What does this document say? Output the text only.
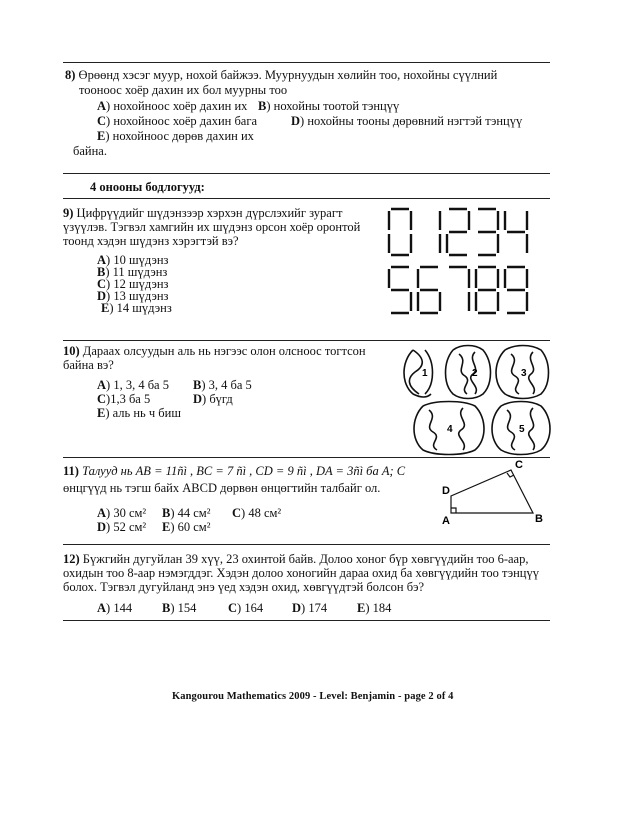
8) Өрөөнд хэсэг муур, нохой байжээ. Муурнуудын хөлийн тоо, нохойны сүүлний
тооноос хоёр дахин их бол муурны тоо
A) нохойноос хоёр дахин их B) нохойны тоотой тэнцүү
C) нохойноос хоёр дахин бага	D) нохойны тооны дөрөвний нэгтэй тэнцүү
E) нохойноос дөрөв дахин их
байна.
4 онооны бодлогууд:
9) Цифрүүдийг шүдэнзээр хэрхэн дүрслэхийг зурагт
үзүүлэв. Тэгвэл хамгийн их шүдэнз орсон хоёр оронтой
тоонд хэдэн шүдэнз хэрэгтэй вэ?
A) 10 шүдэнз
B) 11 шүдэнз
C) 12 шүдэнз
D) 13 шүдэнз
E) 14 шүдэнз
10) Дараах олсуудын аль нь нэгээс олон олсноос тогтсон
байна вэ?
A) 1, 3, 4 ба 5 B) 3, 4 ба 5
C)1,3 ба 5	D) бүгд
E) аль нь ч биш
1	2	3
4	5
11) Талууд нь AB = 11ñì , BC = 7 ñì , CD = 9 ñì , DA = 3ñì ба A; C
өнцгүүд нь тэгш байх ABCD дөрвөн өнцөгтийн талбайг ол.
A) 30 см² B) 44 см² C) 48 см²
D) 52 см² E) 60 см²	A	B
C
D
12) Бүжгийн дугуйлан 39 хүү, 23 охинтой байв. Долоо хоног бүр хөвгүүдийн тоо 6-аар,
охидын тоо 8-аар нэмэгддэг. Хэдэн долоо хоногийн дараа охид ба хөвгүүдийн тоо тэнцүү
болох. Тэгвэл дугуйланд энэ үед хэдэн охид, хөвгүүдтэй болсон бэ?
A) 144 B) 154	C) 164 D) 174 E) 184
Kangourou Mathematics 2009 - Level: Benjamin - page 2 of 4
